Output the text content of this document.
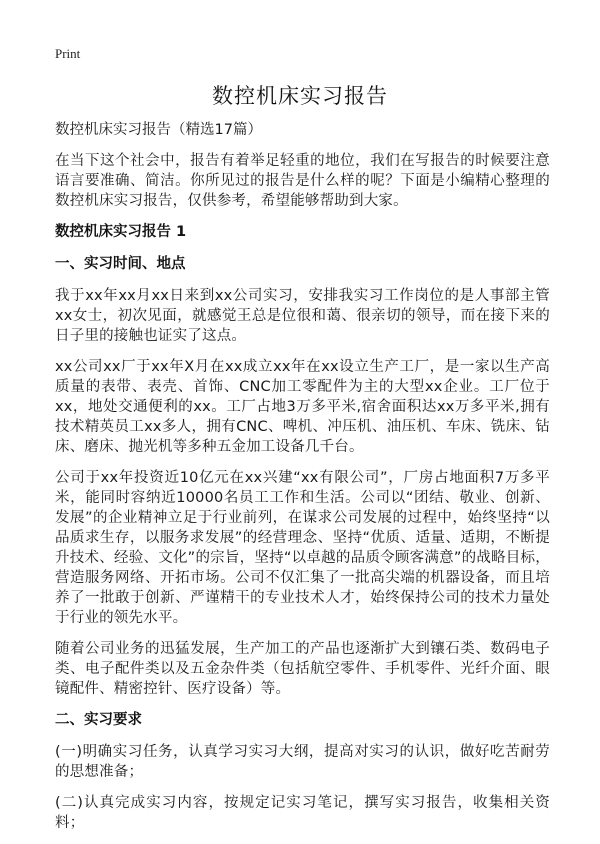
Print
数控机床实习报告

数控机床实习报告（精选17篇）

在当下这个社会中，报告有着举足轻重的地位，我们在写报告的时候要注意语言要准确、简洁。你所见过的报告是什么样的呢？下面是小编精心整理的数控机床实习报告，仅供参考，希望能够帮助到大家。

数控机床实习报告 1

一、实习时间、地点

我于xx年xx月xx日来到xx公司实习，安排我实习工作岗位的是人事部主管xx女士，初次见面，就感觉王总是位很和蔼、很亲切的领导，而在接下来的日子里的接触也证实了这点。

xx公司xx厂于xx年X月在xx成立xx年在xx设立生产工厂，是一家以生产高质量的表带、表壳、首饰、CNC加工零配件为主的大型xx企业。工厂位于xx，地处交通便利的xx。工厂占地3万多平米,宿舍面积达xx万多平米,拥有技术精英员工xx多人，拥有CNC、啤机、冲压机、油压机、车床、铣床、钻床、磨床、抛光机等多种五金加工设备几千台。

公司于xx年投资近10亿元在xx兴建“xx有限公司”，厂房占地面积7万多平米，能同时容纳近10000名员工工作和生活。公司以“团结、敬业、创新、发展”的企业精神立足于行业前列，在谋求公司发展的过程中，始终坚持“以品质求生存，以服务求发展”的经营理念、坚持“优质、适量、适期，不断提升技术、经验、文化”的宗旨，坚持“以卓越的品质令顾客满意”的战略目标，营造服务网络、开拓市场。公司不仅汇集了一批高尖端的机器设备，而且培养了一批敢于创新、严谨精干的专业技术人才，始终保持公司的技术力量处于行业的领先水平。

随着公司业务的迅猛发展，生产加工的产品也逐渐扩大到镶石类、数码电子类、电子配件类以及五金杂件类（包括航空零件、手机零件、光纤介面、眼镜配件、精密控针、医疗设备）等。

二、实习要求

(一)明确实习任务，认真学习实习大纲，提高对实习的认识，做好吃苦耐劳的思想准备；

(二)认真完成实习内容，按规定记实习笔记，撰写实习报告，收集相关资料；
